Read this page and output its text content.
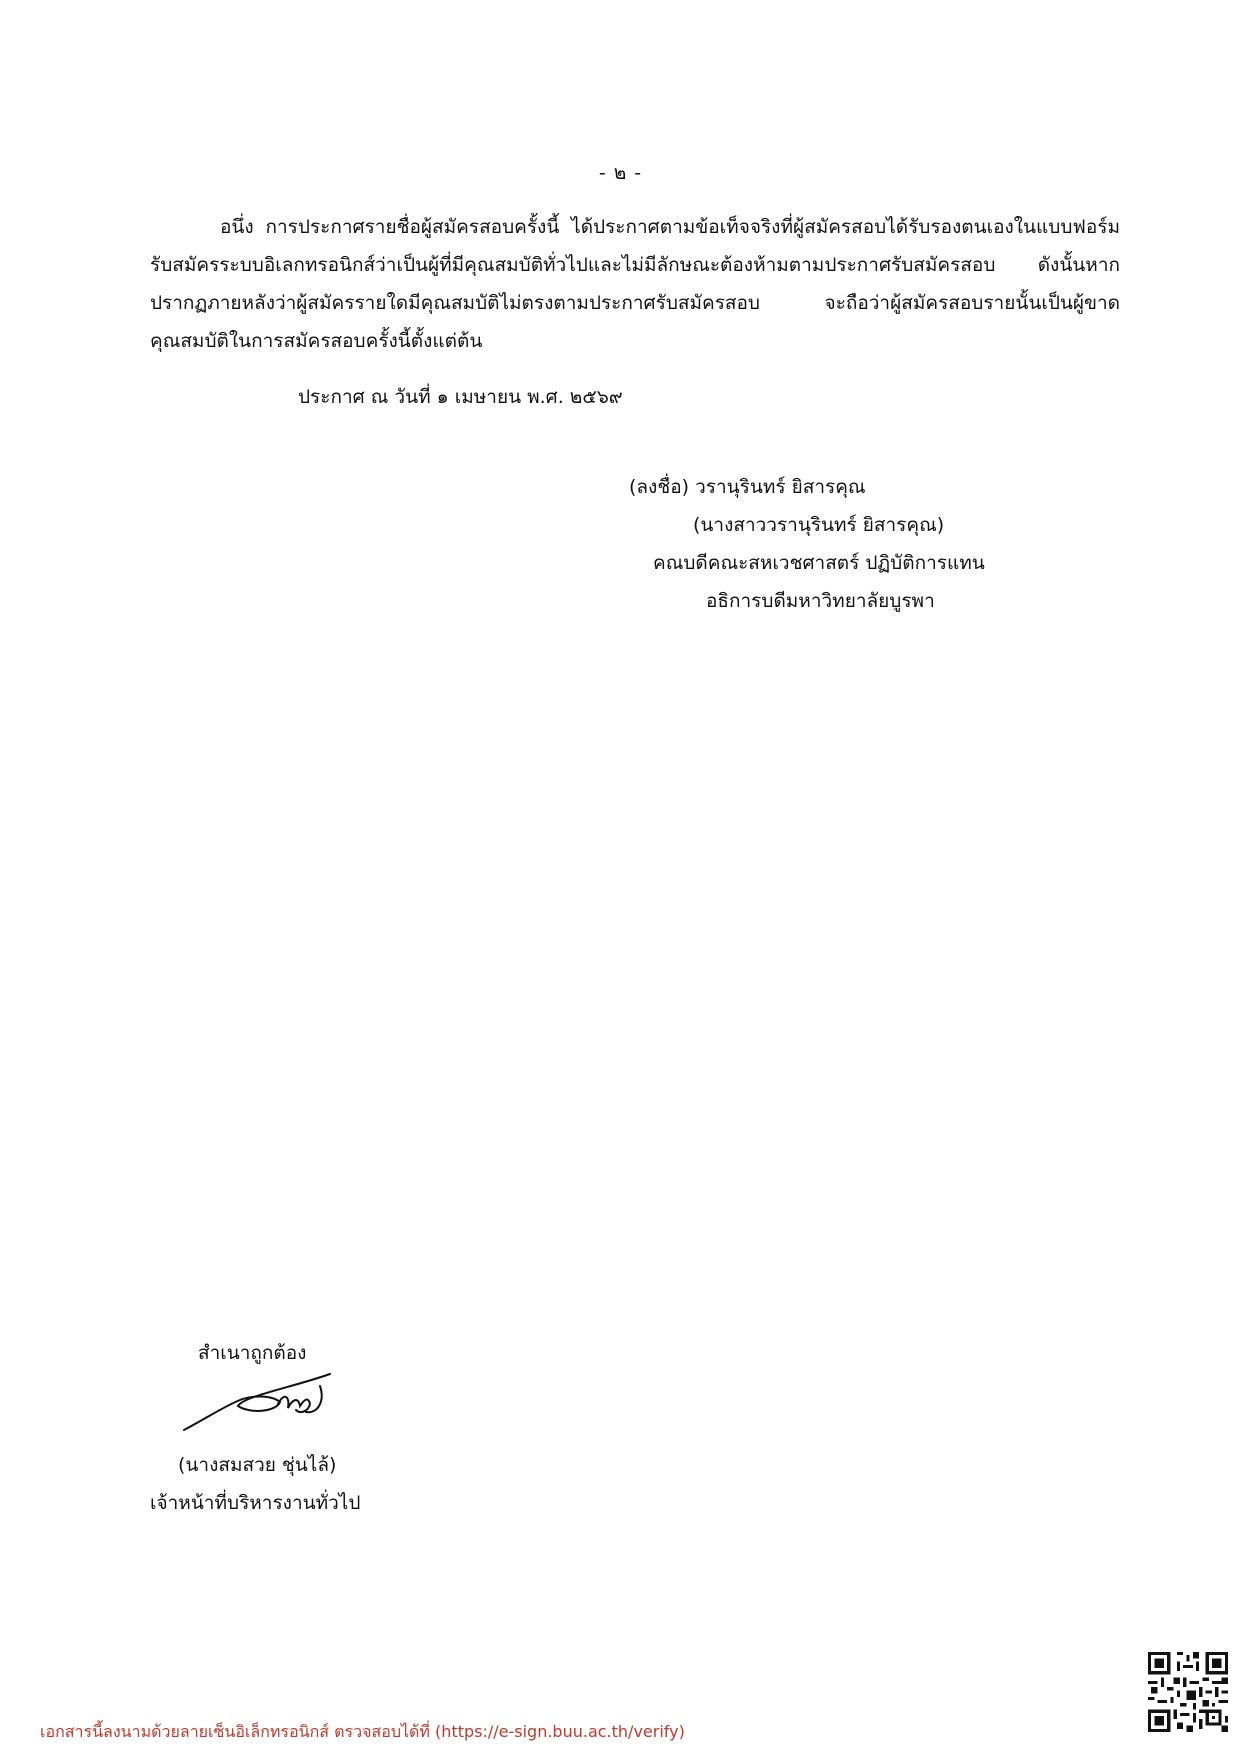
- ๒ -

อนึ่ง การประกาศรายชื่อผู้สมัครสอบครั้งนี้ ได้ประกาศตามข้อเท็จจริงที่ผู้สมัครสอบได้รับรองตนเองในแบบฟอร์มรับสมัครระบบอิเลกทรอนิกส์ว่าเป็นผู้ที่มีคุณสมบัติทั่วไปและไม่มีลักษณะต้องห้ามตามประกาศรับสมัครสอบ ดังนั้นหากปรากฏภายหลังว่าผู้สมัครรายใดมีคุณสมบัติไม่ตรงตามประกาศรับสมัครสอบ จะถือว่าผู้สมัครสอบรายนั้นเป็นผู้ขาดคุณสมบัติในการสมัครสอบครั้งนี้ตั้งแต่ต้น

ประกาศ ณ วันที่ ๑ เมษายน พ.ศ. ๒๕๖๙
(ลงชื่อ) วรานุรินทร์ ยิสารคุณ
(นางสาววรานุรินทร์ ยิสารคุณ)
คณบดีคณะสหเวชศาสตร์ ปฏิบัติการแทน
อธิการบดีมหาวิทยาลัยบูรพา
สำเนาถูกต้อง
(นางสมสวย ชุ่นไล้)
เจ้าหน้าที่บริหารงานทั่วไป
เอกสารนี้ลงนามด้วยลายเซ็นอิเล็กทรอนิกส์ ตรวจสอบได้ที่ (https://e-sign.buu.ac.th/verify)
